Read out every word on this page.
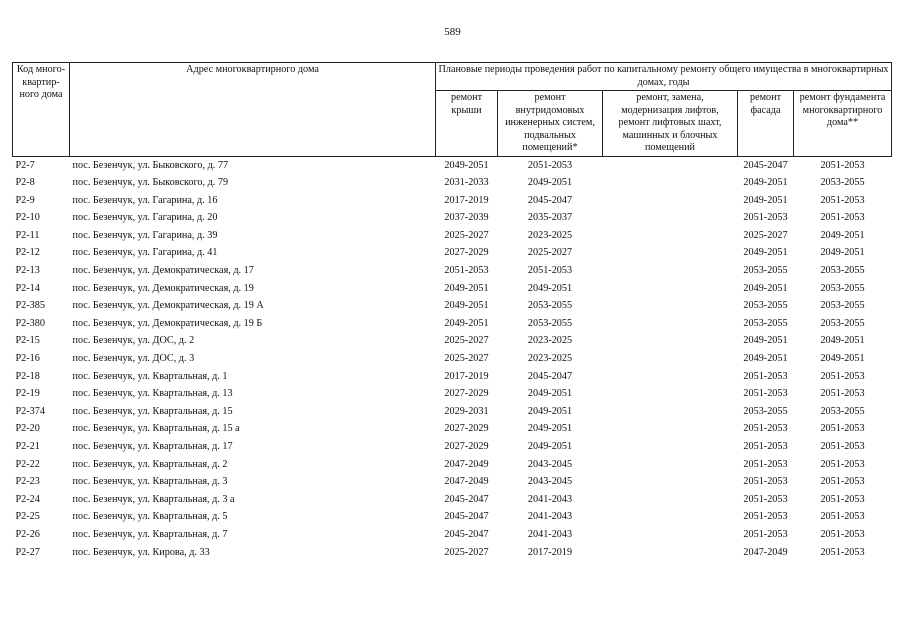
589
Код много-квартир-ного дома	Адрес многоквартирного дома	Плановые периоды проведения работ по капитальному ремонту общего имущества в многоквартирных домах, годы				
		ремонт крыши	ремонт внутридомовых инженерных систем, подвальных помещений*	ремонт, замена, модернизация лифтов, ремонт лифтовых шахт, машинных и блочных помещений	ремонт фасада	ремонт фундамента многоквартирного дома**
Р2-7	пос. Безенчук, ул. Быковского, д. 77	2049-2051	2051-2053		2045-2047	2051-2053
Р2-8	пос. Безенчук, ул. Быковского, д. 79	2031-2033	2049-2051		2049-2051	2053-2055
Р2-9	пос. Безенчук, ул. Гагарина, д. 16	2017-2019	2045-2047		2049-2051	2051-2053
Р2-10	пос. Безенчук, ул. Гагарина, д. 20	2037-2039	2035-2037		2051-2053	2051-2053
Р2-11	пос. Безенчук, ул. Гагарина, д. 39	2025-2027	2023-2025		2025-2027	2049-2051
Р2-12	пос. Безенчук, ул. Гагарина, д. 41	2027-2029	2025-2027		2049-2051	2049-2051
Р2-13	пос. Безенчук, ул. Демократическая, д. 17	2051-2053	2051-2053		2053-2055	2053-2055
Р2-14	пос. Безенчук, ул. Демократическая, д. 19	2049-2051	2049-2051		2049-2051	2053-2055
Р2-385	пос. Безенчук, ул. Демократическая, д. 19 А	2049-2051	2053-2055		2053-2055	2053-2055
Р2-380	пос. Безенчук, ул. Демократическая, д. 19 Б	2049-2051	2053-2055		2053-2055	2053-2055
Р2-15	пос. Безенчук, ул. ДОС, д. 2	2025-2027	2023-2025		2049-2051	2049-2051
Р2-16	пос. Безенчук, ул. ДОС, д. 3	2025-2027	2023-2025		2049-2051	2049-2051
Р2-18	пос. Безенчук, ул. Квартальная, д. 1	2017-2019	2045-2047		2051-2053	2051-2053
Р2-19	пос. Безенчук, ул. Квартальная, д. 13	2027-2029	2049-2051		2051-2053	2051-2053
Р2-374	пос. Безенчук, ул. Квартальная, д. 15	2029-2031	2049-2051		2053-2055	2053-2055
Р2-20	пос. Безенчук, ул. Квартальная, д. 15 а	2027-2029	2049-2051		2051-2053	2051-2053
Р2-21	пос. Безенчук, ул. Квартальная, д. 17	2027-2029	2049-2051		2051-2053	2051-2053
Р2-22	пос. Безенчук, ул. Квартальная, д. 2	2047-2049	2043-2045		2051-2053	2051-2053
Р2-23	пос. Безенчук, ул. Квартальная, д. 3	2047-2049	2043-2045		2051-2053	2051-2053
Р2-24	пос. Безенчук, ул. Квартальная, д. 3 а	2045-2047	2041-2043		2051-2053	2051-2053
Р2-25	пос. Безенчук, ул. Квартальная, д. 5	2045-2047	2041-2043		2051-2053	2051-2053
Р2-26	пос. Безенчук, ул. Квартальная, д. 7	2045-2047	2041-2043		2051-2053	2051-2053
Р2-27	пос. Безенчук, ул. Кирова, д. 33	2025-2027	2017-2019		2047-2049	2051-2053
